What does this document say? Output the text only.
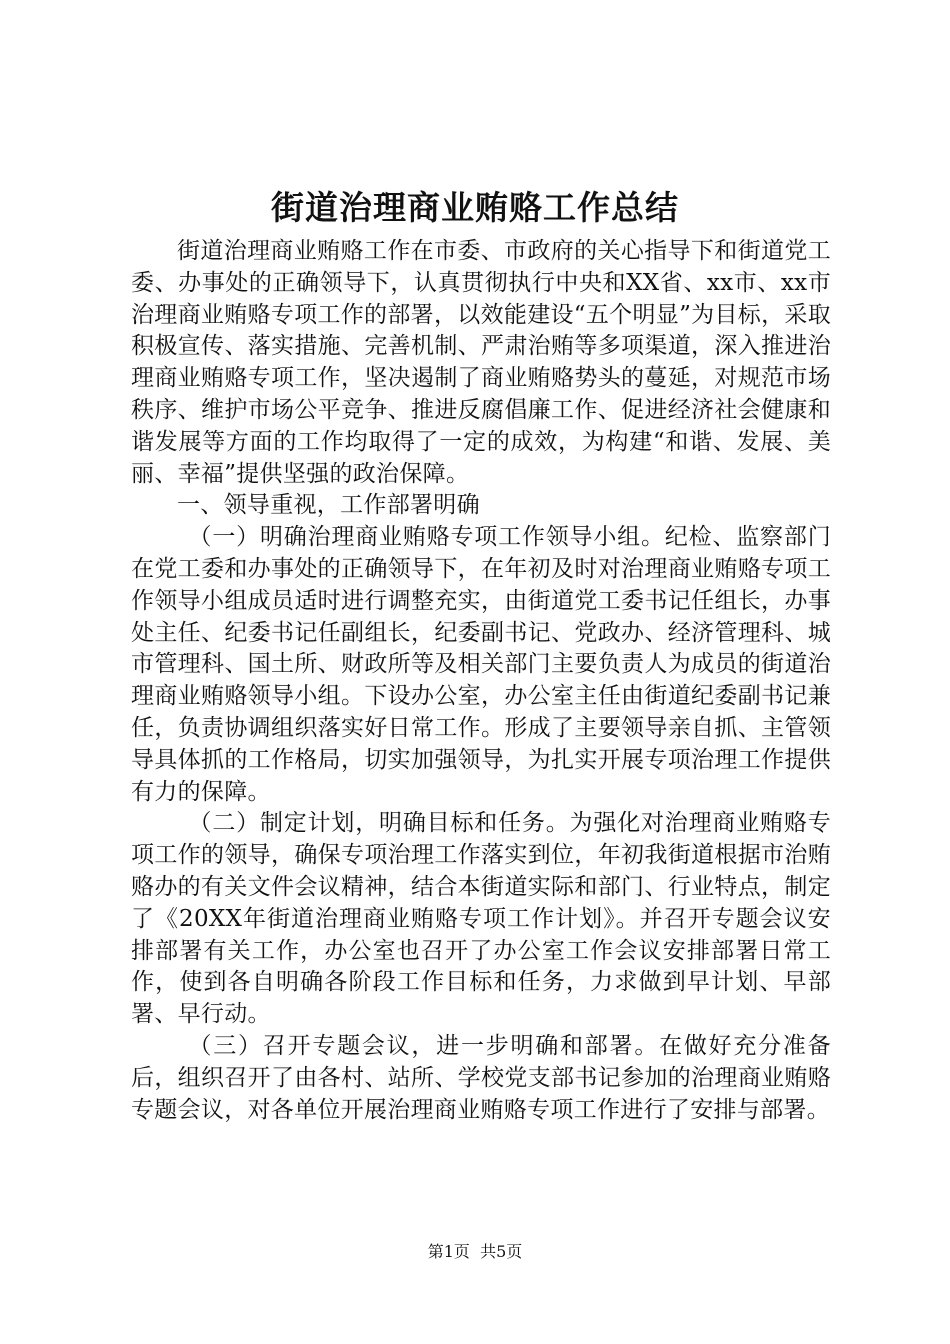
街道治理商业贿赂工作总结

街道治理商业贿赂工作在市委、市政府的关心指导下和街道党工委、办事处的正确领导下，认真贯彻执行中央和XX省、xx市、xx市治理商业贿赂专项工作的部署，以效能建设“五个明显”为目标，采取积极宣传、落实措施、完善机制、严肃治贿等多项渠道，深入推进治理商业贿赂专项工作，坚决遏制了商业贿赂势头的蔓延，对规范市场秩序、维护市场公平竞争、推进反腐倡廉工作、促进经济社会健康和谐发展等方面的工作均取得了一定的成效，为构建“和谐、发展、美丽、幸福”提供坚强的政治保障。

一、领导重视，工作部署明确

（一）明确治理商业贿赂专项工作领导小组。纪检、监察部门在党工委和办事处的正确领导下，在年初及时对治理商业贿赂专项工作领导小组成员适时进行调整充实，由街道党工委书记任组长，办事处主任、纪委书记任副组长，纪委副书记、党政办、经济管理科、城市管理科、国土所、财政所等及相关部门主要负责人为成员的街道治理商业贿赂领导小组。下设办公室，办公室主任由街道纪委副书记兼任，负责协调组织落实好日常工作。形成了主要领导亲自抓、主管领导具体抓的工作格局，切实加强领导，为扎实开展专项治理工作提供有力的保障。

（二）制定计划，明确目标和任务。为强化对治理商业贿赂专项工作的领导，确保专项治理工作落实到位，年初我街道根据市治贿赂办的有关文件会议精神，结合本街道实际和部门、行业特点，制定了《20XX年街道治理商业贿赂专项工作计划》。并召开专题会议安排部署有关工作，办公室也召开了办公室工作会议安排部署日常工作，使到各自明确各阶段工作目标和任务，力求做到早计划、早部署、早行动。

（三）召开专题会议，进一步明确和部署。在做好充分准备后，组织召开了由各村、站所、学校党支部书记参加的治理商业贿赂专题会议，对各单位开展治理商业贿赂专项工作进行了安排与部署。

第1页  共5页
